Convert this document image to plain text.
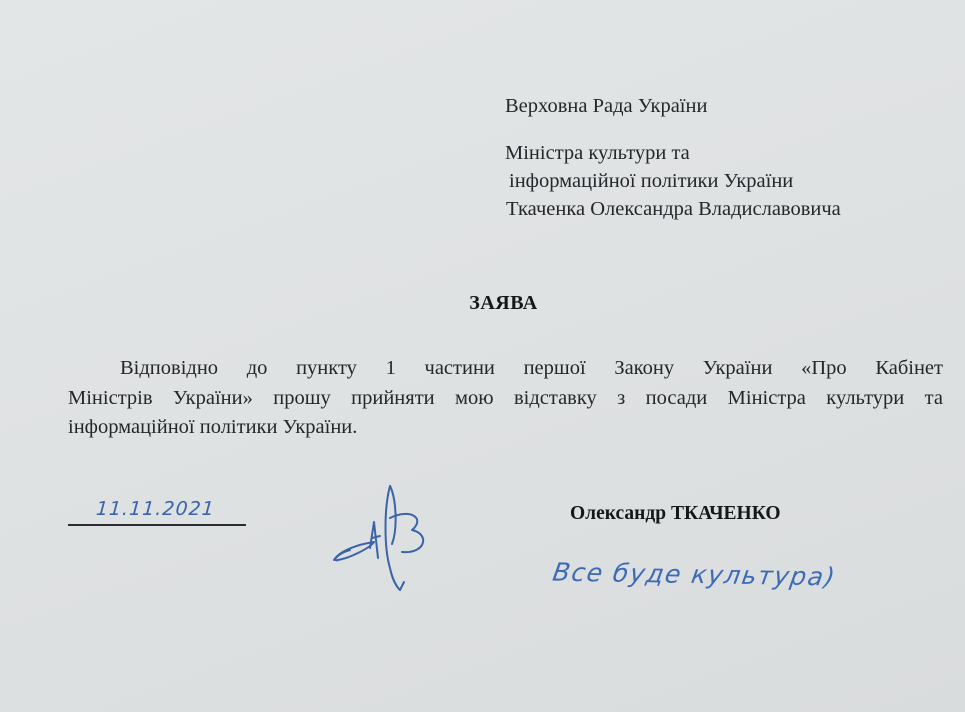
Верховна Рада України
Міністра культури та
інформаційної політики України
Ткаченка Олександра Владиславовича
ЗАЯВА
Відповідно до пункту 1 частини першої Закону України «Про Кабінет
Міністрів України» прошу прийняти мою відставку з посади Міністра культури та
інформаційної політики України.
11.11.2021	Олександр ТКАЧЕНКО
Все буде культура)
